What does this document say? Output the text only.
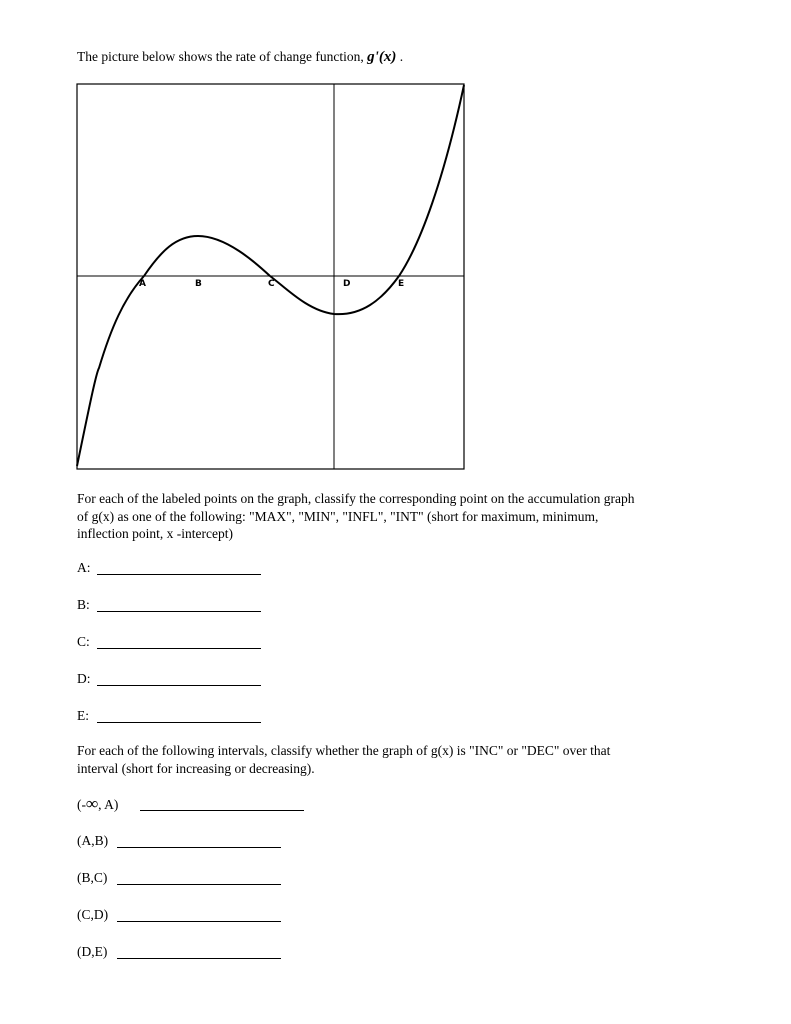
The picture below shows the rate of change function, g'(x) .
A	B	C	D	E
For each of the labeled points on the graph, classify the corresponding point on the accumulation graph
of g(x) as one of the following: "MAX", "MIN", "INFL", "INT" (short for maximum, minimum,
inflection point, x -intercept)
A:
B:
C:
D:
E:
For each of the following intervals, classify whether the graph of g(x) is "INC" or "DEC" over that
interval (short for increasing or decreasing).
(-∞, A)
(A,B)
(B,C)
(C,D)
(D,E)
